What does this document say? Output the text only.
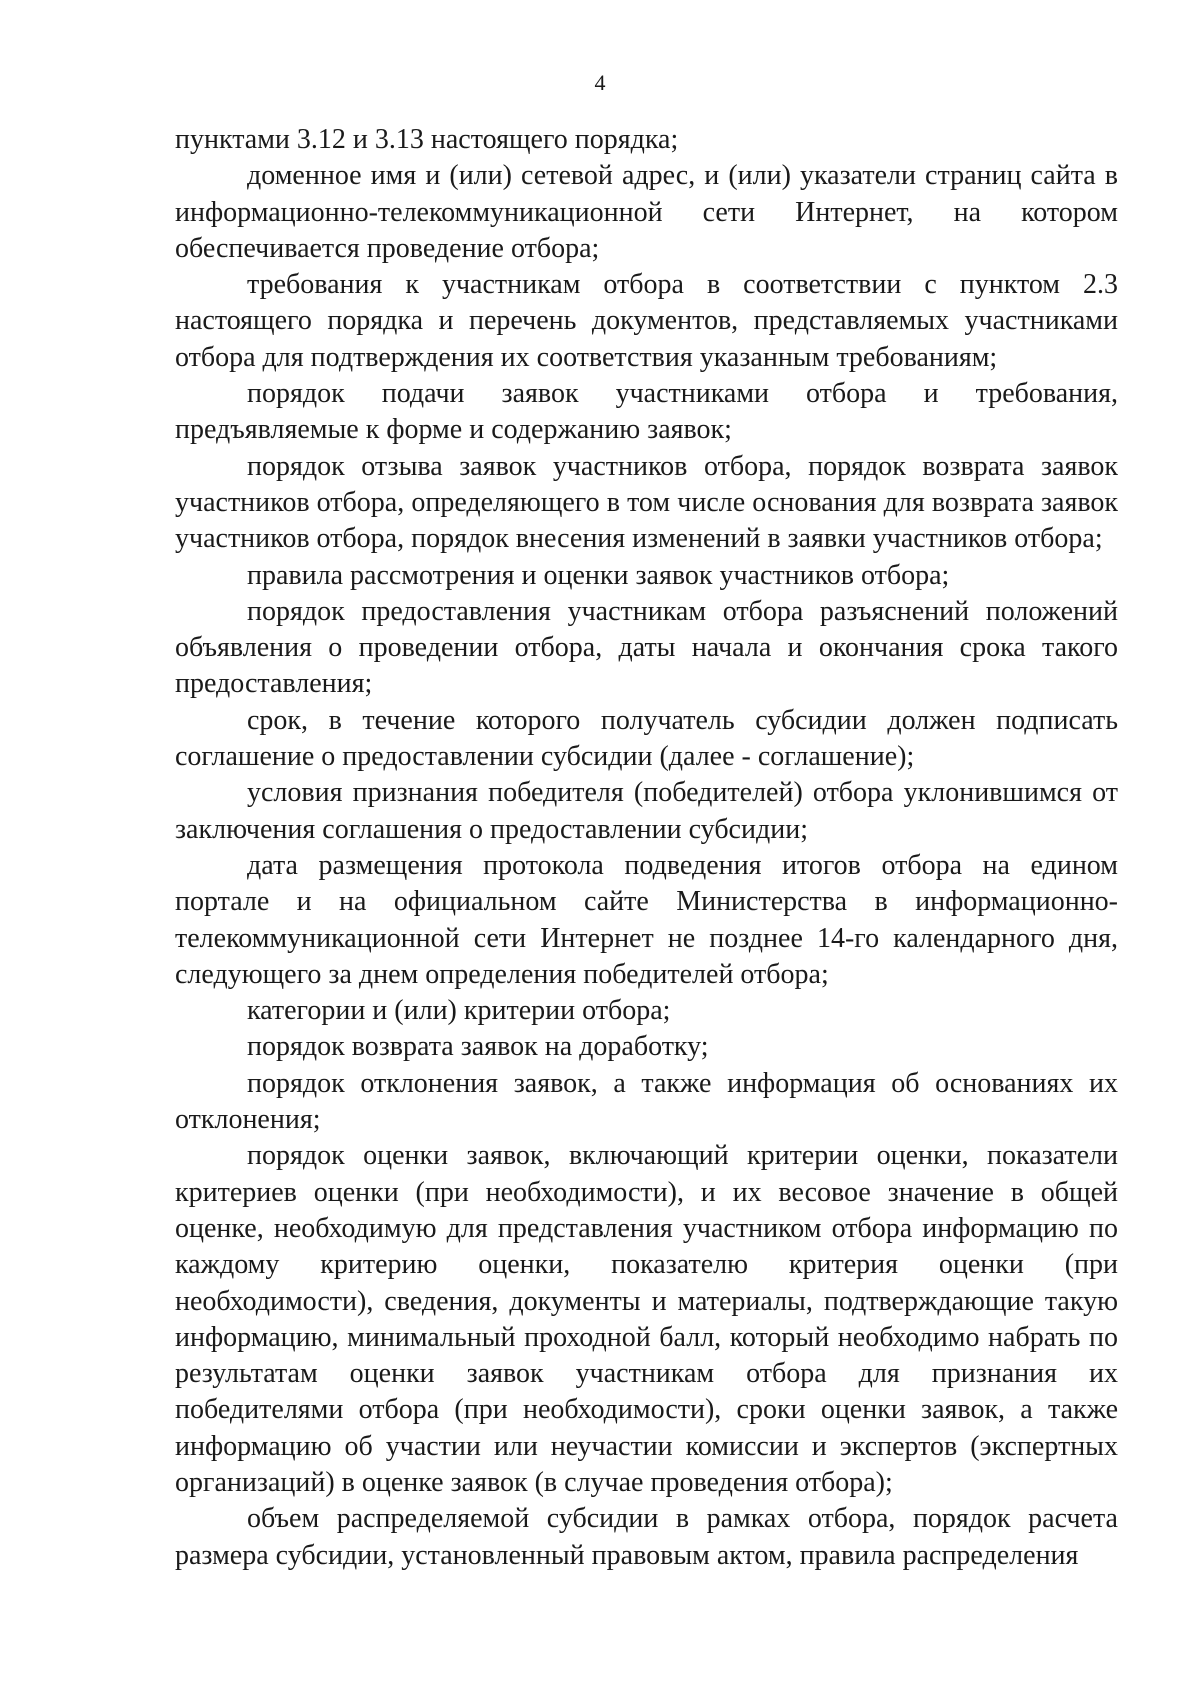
4

пунктами 3.12 и 3.13 настоящего порядка;

доменное имя и (или) сетевой адрес, и (или) указатели страниц сайта в информационно-телекоммуникационной сети Интернет, на котором обеспечивается проведение отбора;

требования к участникам отбора в соответствии с пунктом 2.3 настоящего порядка и перечень документов, представляемых участниками отбора для подтверждения их соответствия указанным требованиям;

порядок подачи заявок участниками отбора и требования, предъявляемые к форме и содержанию заявок;

порядок отзыва заявок участников отбора, порядок возврата заявок участников отбора, определяющего в том числе основания для возврата заявок участников отбора, порядок внесения изменений в заявки участников отбора;

правила рассмотрения и оценки заявок участников отбора;

порядок предоставления участникам отбора разъяснений положений объявления о проведении отбора, даты начала и окончания срока такого предоставления;

срок, в течение которого получатель субсидии должен подписать соглашение о предоставлении субсидии (далее - соглашение);

условия признания победителя (победителей) отбора уклонившимся от заключения соглашения о предоставлении субсидии;

дата размещения протокола подведения итогов отбора на едином портале и на официальном сайте Министерства в информационно-телекоммуникационной сети Интернет не позднее 14-го календарного дня, следующего за днем определения победителей отбора;

категории и (или) критерии отбора;

порядок возврата заявок на доработку;

порядок отклонения заявок, а также информация об основаниях их отклонения;

порядок оценки заявок, включающий критерии оценки, показатели критериев оценки (при необходимости), и их весовое значение в общей оценке, необходимую для представления участником отбора информацию по каждому критерию оценки, показателю критерия оценки (при необходимости), сведения, документы и материалы, подтверждающие такую информацию, минимальный проходной балл, который необходимо набрать по результатам оценки заявок участникам отбора для признания их победителями отбора (при необходимости), сроки оценки заявок, а также информацию об участии или неучастии комиссии и экспертов (экспертных организаций) в оценке заявок (в случае проведения отбора);

объем распределяемой субсидии в рамках отбора, порядок расчета размера субсидии, установленный правовым актом, правила распределения
